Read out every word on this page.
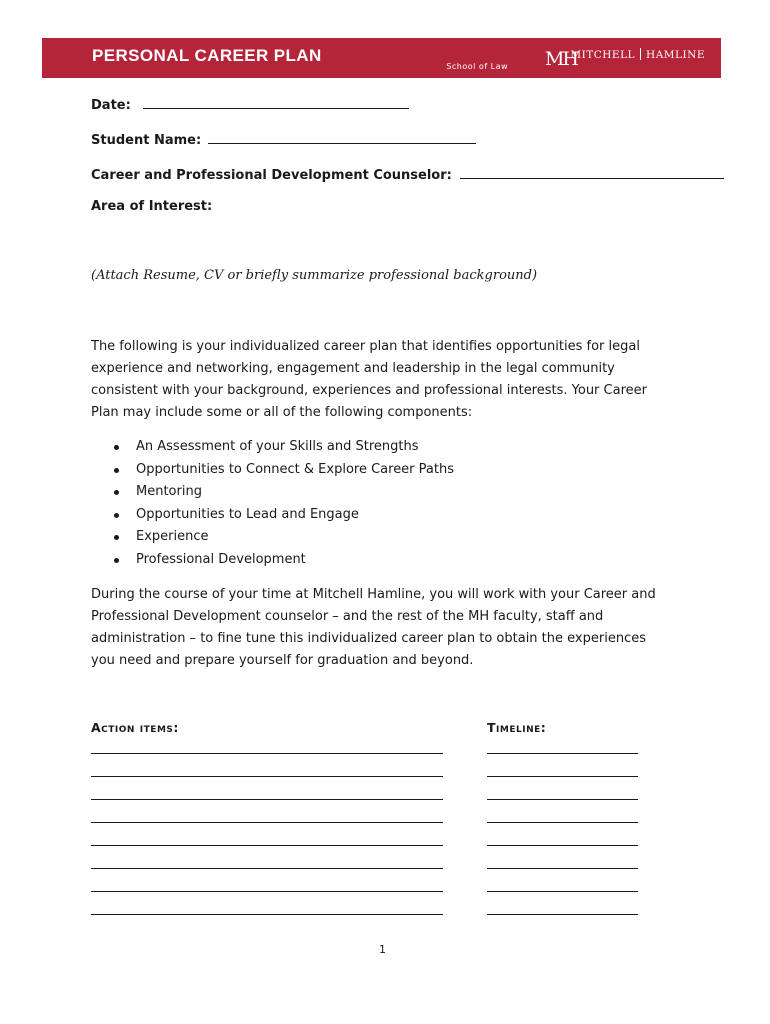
PERSONAL CAREER PLAN	MH
MITCHELL HAMLINE
School of Law
Date:
Student Name:
Career and Professional Development Counselor:
Area of Interest:
(Attach Resume, CV or briefly summarize professional background)
The following is your individualized career plan that identifies opportunities for legal experience and networking, engagement and leadership in the legal community consistent with your background, experiences and professional interests. Your Career Plan may include some or all of the following components:
An Assessment of your Skills and Strengths
Opportunities to Connect & Explore Career Paths
Mentoring
Opportunities to Lead and Engage
Experience
Professional Development
During the course of your time at Mitchell Hamline, you will work with your Career and Professional Development counselor – and the rest of the MH faculty, staff and administration – to fine tune this individualized career plan to obtain the experiences you need and prepare yourself for graduation and beyond.
Action items:	Timeline:
1
